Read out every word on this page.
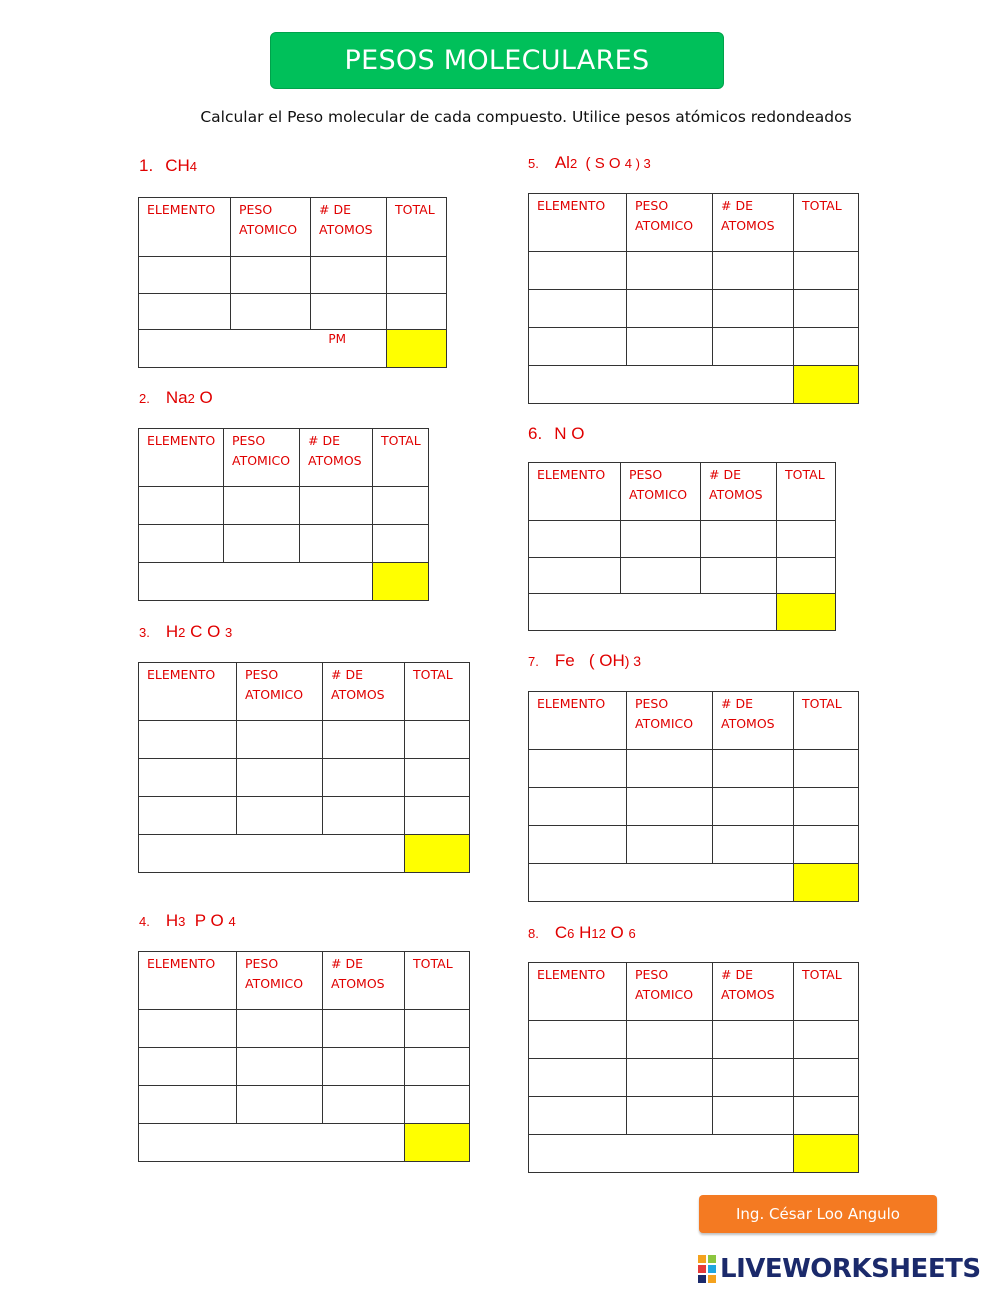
PESOS MOLECULARES
Calcular el Peso molecular de cada compuesto. Utilice pesos atómicos redondeados
1. CH4
ELEMENTO	PESO ATOMICO	# DE ATOMOS	TOTAL

PM			
2. Na2 O
ELEMENTO	PESO ATOMICO	# DE ATOMOS	TOTAL

3. H2 C O 3
ELEMENTO	PESO ATOMICO	# DE ATOMOS	TOTAL

4. H3  P O 4
ELEMENTO	PESO ATOMICO	# DE ATOMOS	TOTAL

5. Al2  ( S O 4 ) 3
ELEMENTO	PESO ATOMICO	# DE ATOMOS	TOTAL

6. N O
ELEMENTO	PESO ATOMICO	# DE ATOMOS	TOTAL

7. Fe   ( OH) 3
ELEMENTO	PESO ATOMICO	# DE ATOMOS	TOTAL

8. C6 H12 O 6
ELEMENTO	PESO ATOMICO	# DE ATOMOS	TOTAL

Ing. César Loo Angulo
LIVEWORKSHEETS
